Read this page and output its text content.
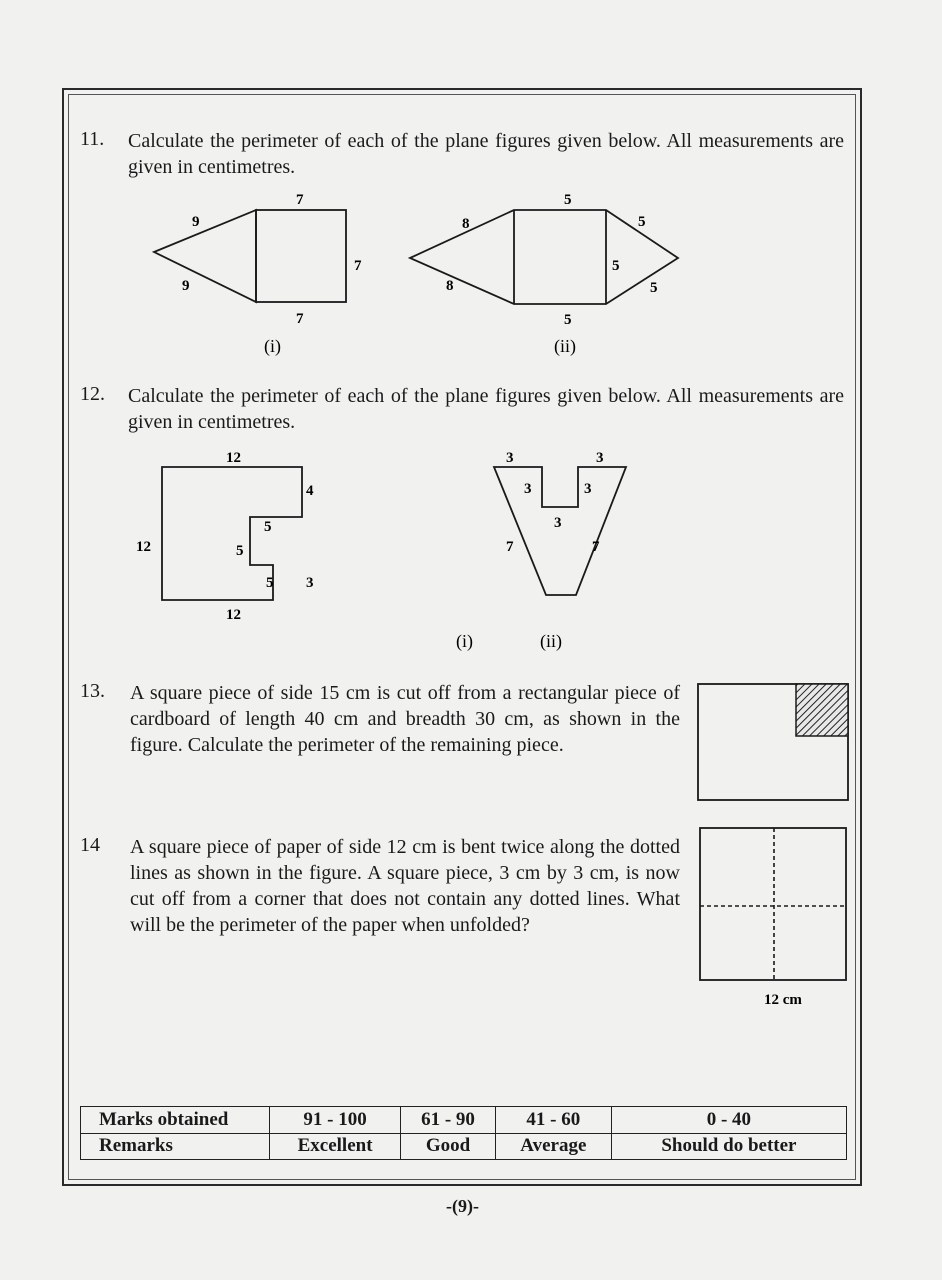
11. Calculate the perimeter of each of the plane figures given below. All measurements are given in centimetres.
7
9
9
7
7
(i)
5
8
8
5
5
5
5
(ii)
12. Calculate the perimeter of each of the plane figures given below. All measurements are given in centimetres.
12
12
4
5
5
5 3
12
(i)
3	3
3	3
3
7	7
(ii)
13. A square piece of side 15 cm is cut off from a rectangular piece of cardboard of length 40 cm and breadth 30 cm, as shown in the figure. Calculate the perimeter of the remaining piece.
14 A square piece of paper of side 12 cm is bent twice along the dotted lines as shown in the figure. A square piece, 3 cm by 3 cm, is now cut off from a corner that does not contain any dotted lines. What will be the perimeter of the paper when unfolded?
12 cm
Marks obtained	91 - 100	61 - 90	41 - 60	0 - 40
Remarks	Excellent	Good	Average	Should do better
-(9)-
